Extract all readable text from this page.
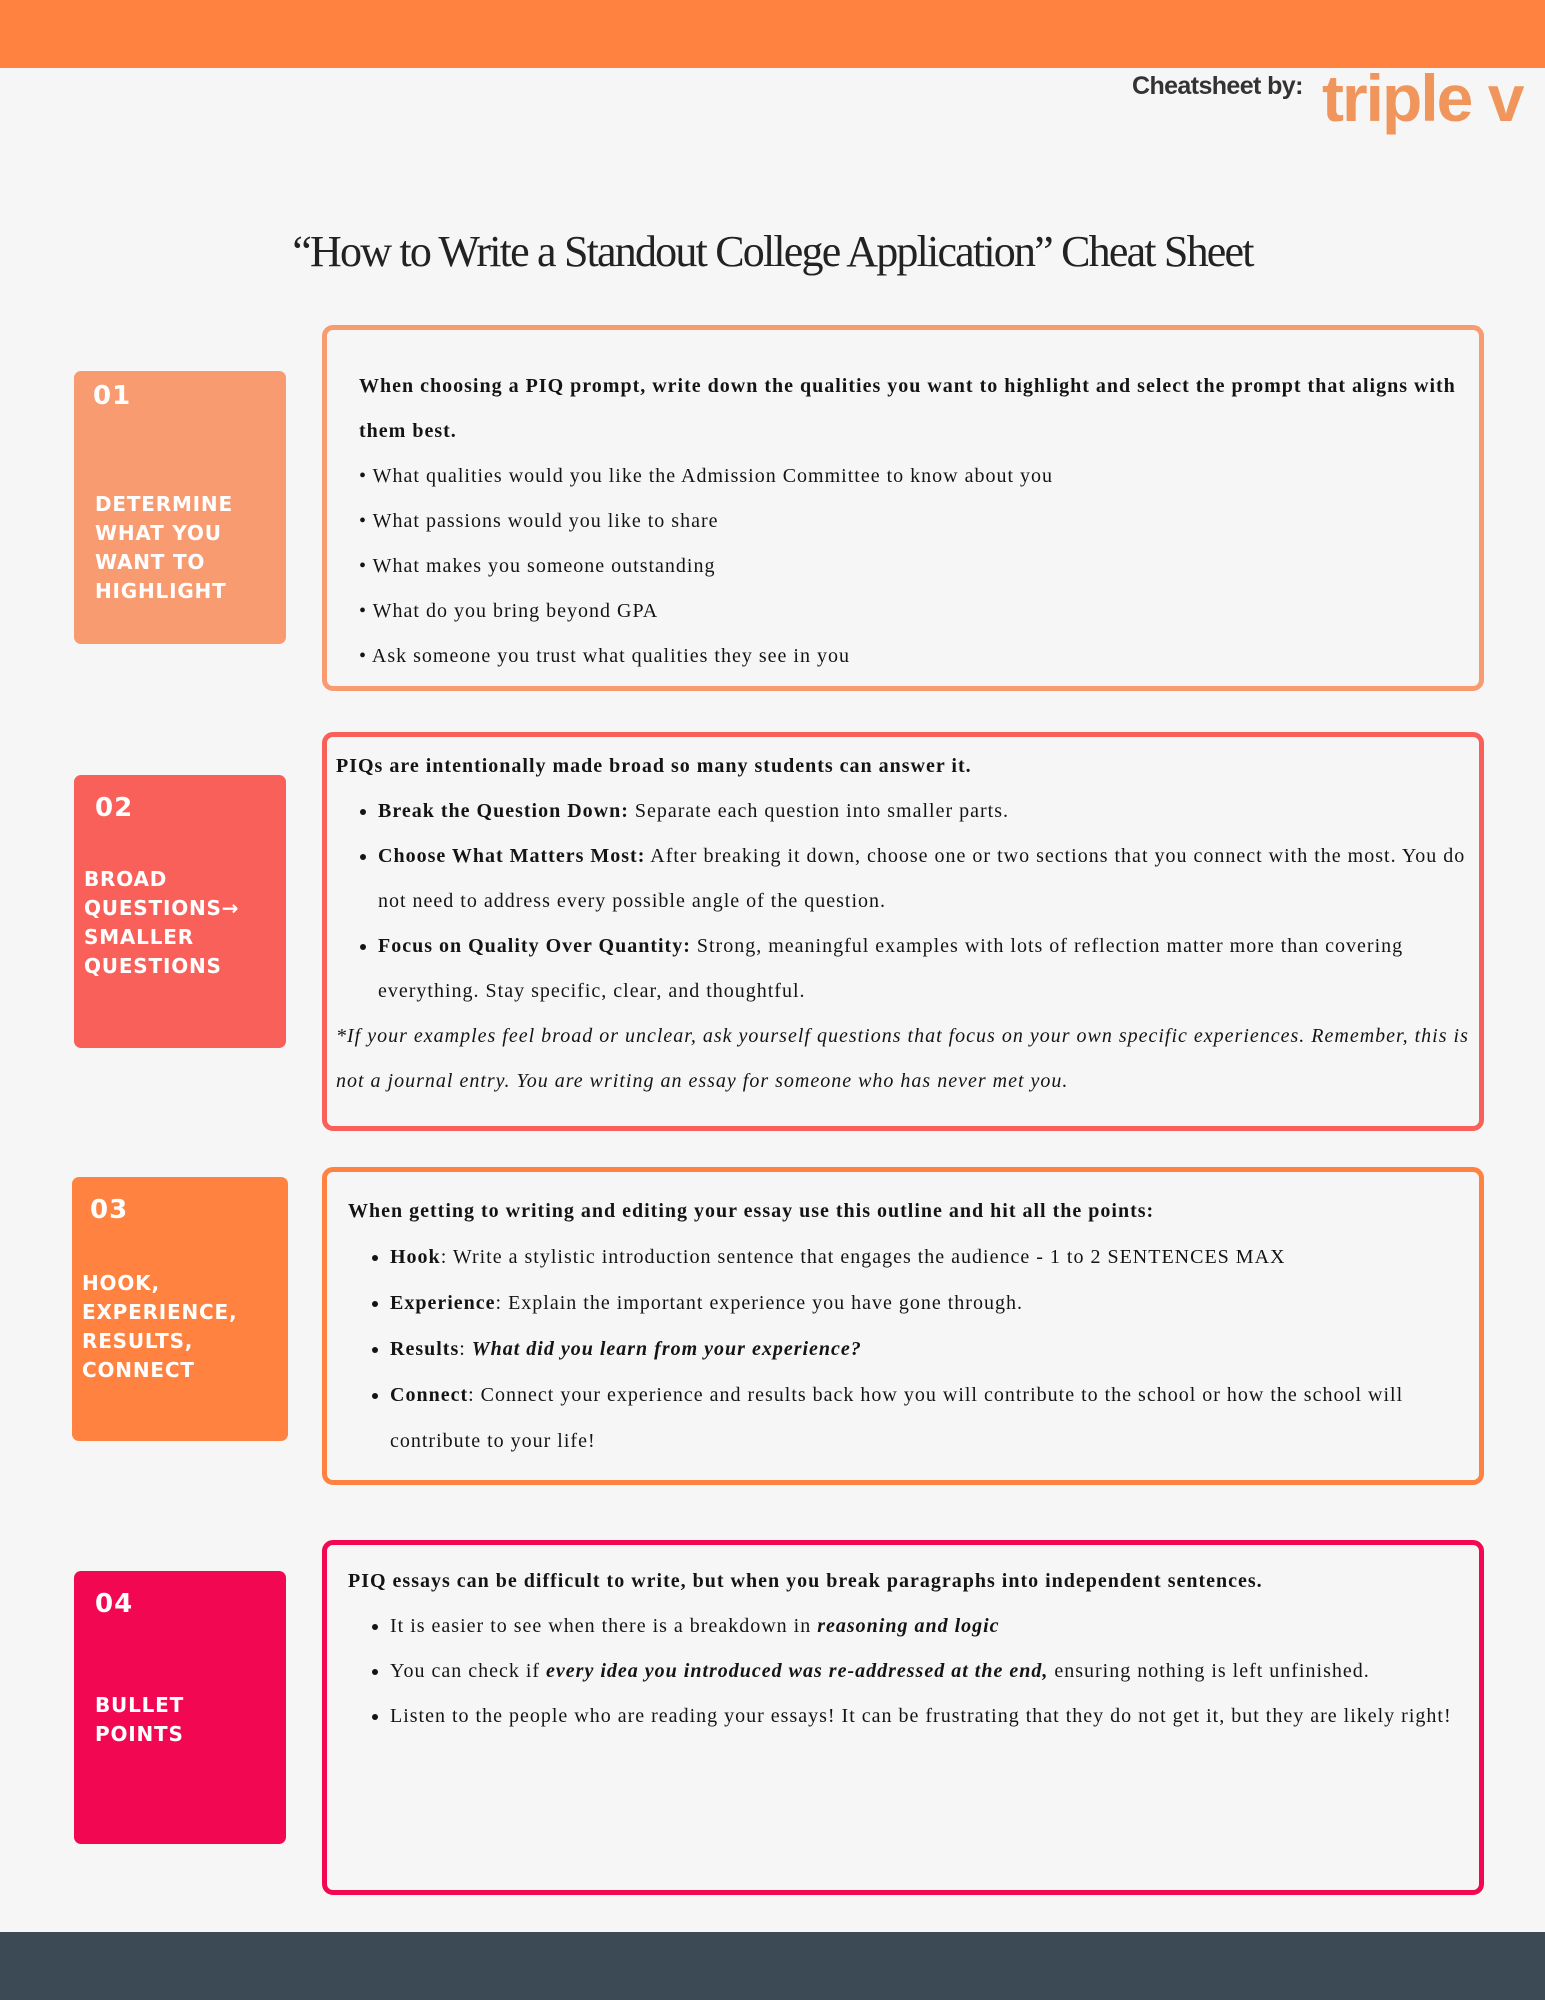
Cheatsheet by: triple v
“How to Write a Standout College Application” Cheat Sheet
01
DETERMINE WHAT YOU WANT TO HIGHLIGHT

When choosing a PIQ prompt, write down the qualities you want to highlight and select the prompt that aligns with them best.

• What qualities would you like the Admission Committee to know about you

• What passions would you like to share

• What makes you someone outstanding

• What do you bring beyond GPA

• Ask someone you trust what qualities they see in you

02
BROAD QUESTIONS→ SMALLER QUESTIONS

PIQs are intentionally made broad so many students can answer it.

• Break the Question Down: Separate each question into smaller parts.
• Choose What Matters Most: After breaking it down, choose one or two sections that you connect with the most. You do not need to address every possible angle of the question.
• Focus on Quality Over Quantity: Strong, meaningful examples with lots of reflection matter more than covering everything. Stay specific, clear, and thoughtful.

*If your examples feel broad or unclear, ask yourself questions that focus on your own specific experiences. Remember, this is not a journal entry. You are writing an essay for someone who has never met you.

03
HOOK, EXPERIENCE, RESULTS, CONNECT

When getting to writing and editing your essay use this outline and hit all the points:

• Hook: Write a stylistic introduction sentence that engages the audience - 1 to 2 SENTENCES MAX
• Experience: Explain the important experience you have gone through.
• Results: What did you learn from your experience?
• Connect: Connect your experience and results back how you will contribute to the school or how the school will contribute to your life!
04
BULLET POINTS

PIQ essays can be difficult to write, but when you break paragraphs into independent sentences.

• It is easier to see when there is a breakdown in reasoning and logic
• You can check if every idea you introduced was re-addressed at the end, ensuring nothing is left unfinished.
• Listen to the people who are reading your essays! It can be frustrating that they do not get it, but they are likely right!
